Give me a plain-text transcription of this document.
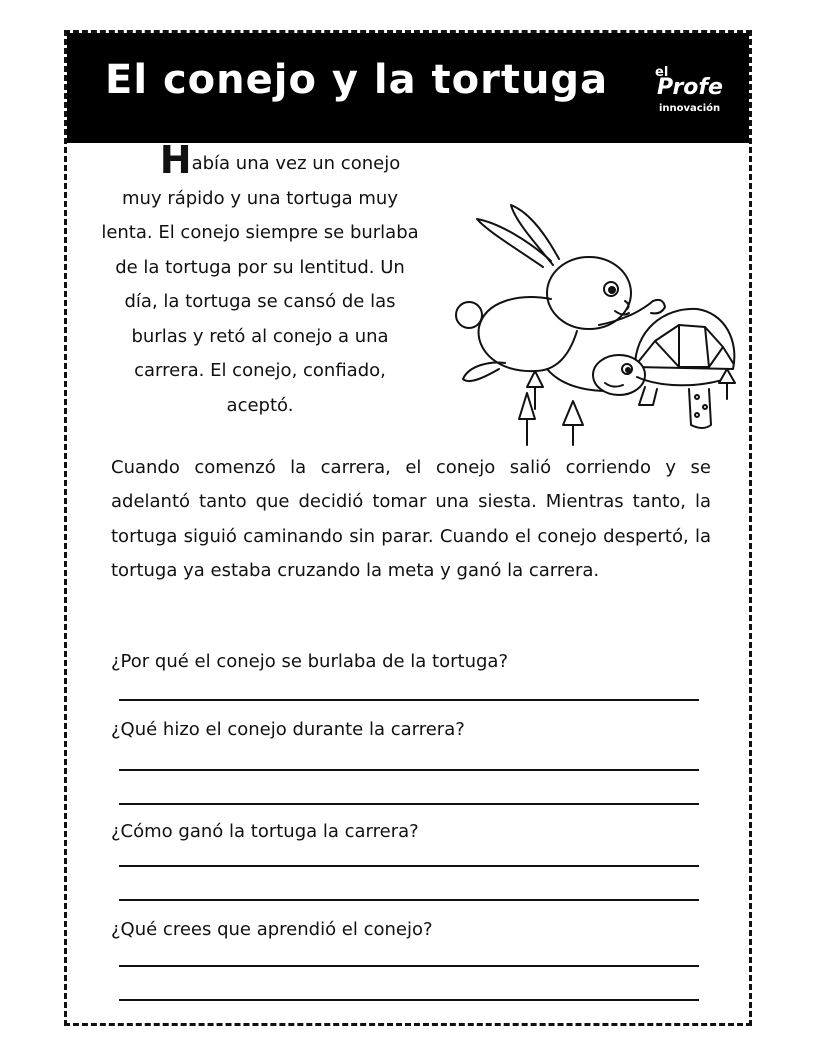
El conejo y la tortuga	el
Profe
innovación
Había una vez un conejo
muy rápido y una tortuga muy lenta. El conejo siempre se burlaba de la tortuga por su lentitud. Un día, la tortuga se cansó de las burlas y retó al conejo a una carrera. El conejo, confiado, aceptó.

Cuando comenzó la carrera, el conejo salió corriendo y se adelantó tanto que decidió tomar una siesta. Mientras tanto, la tortuga siguió caminando sin parar. Cuando el conejo despertó, la tortuga ya estaba cruzando la meta y ganó la carrera.

¿Por qué el conejo se burlaba de la tortuga?

¿Qué hizo el conejo durante la carrera?

¿Cómo ganó la tortuga la carrera?

¿Qué crees que aprendió el conejo?
